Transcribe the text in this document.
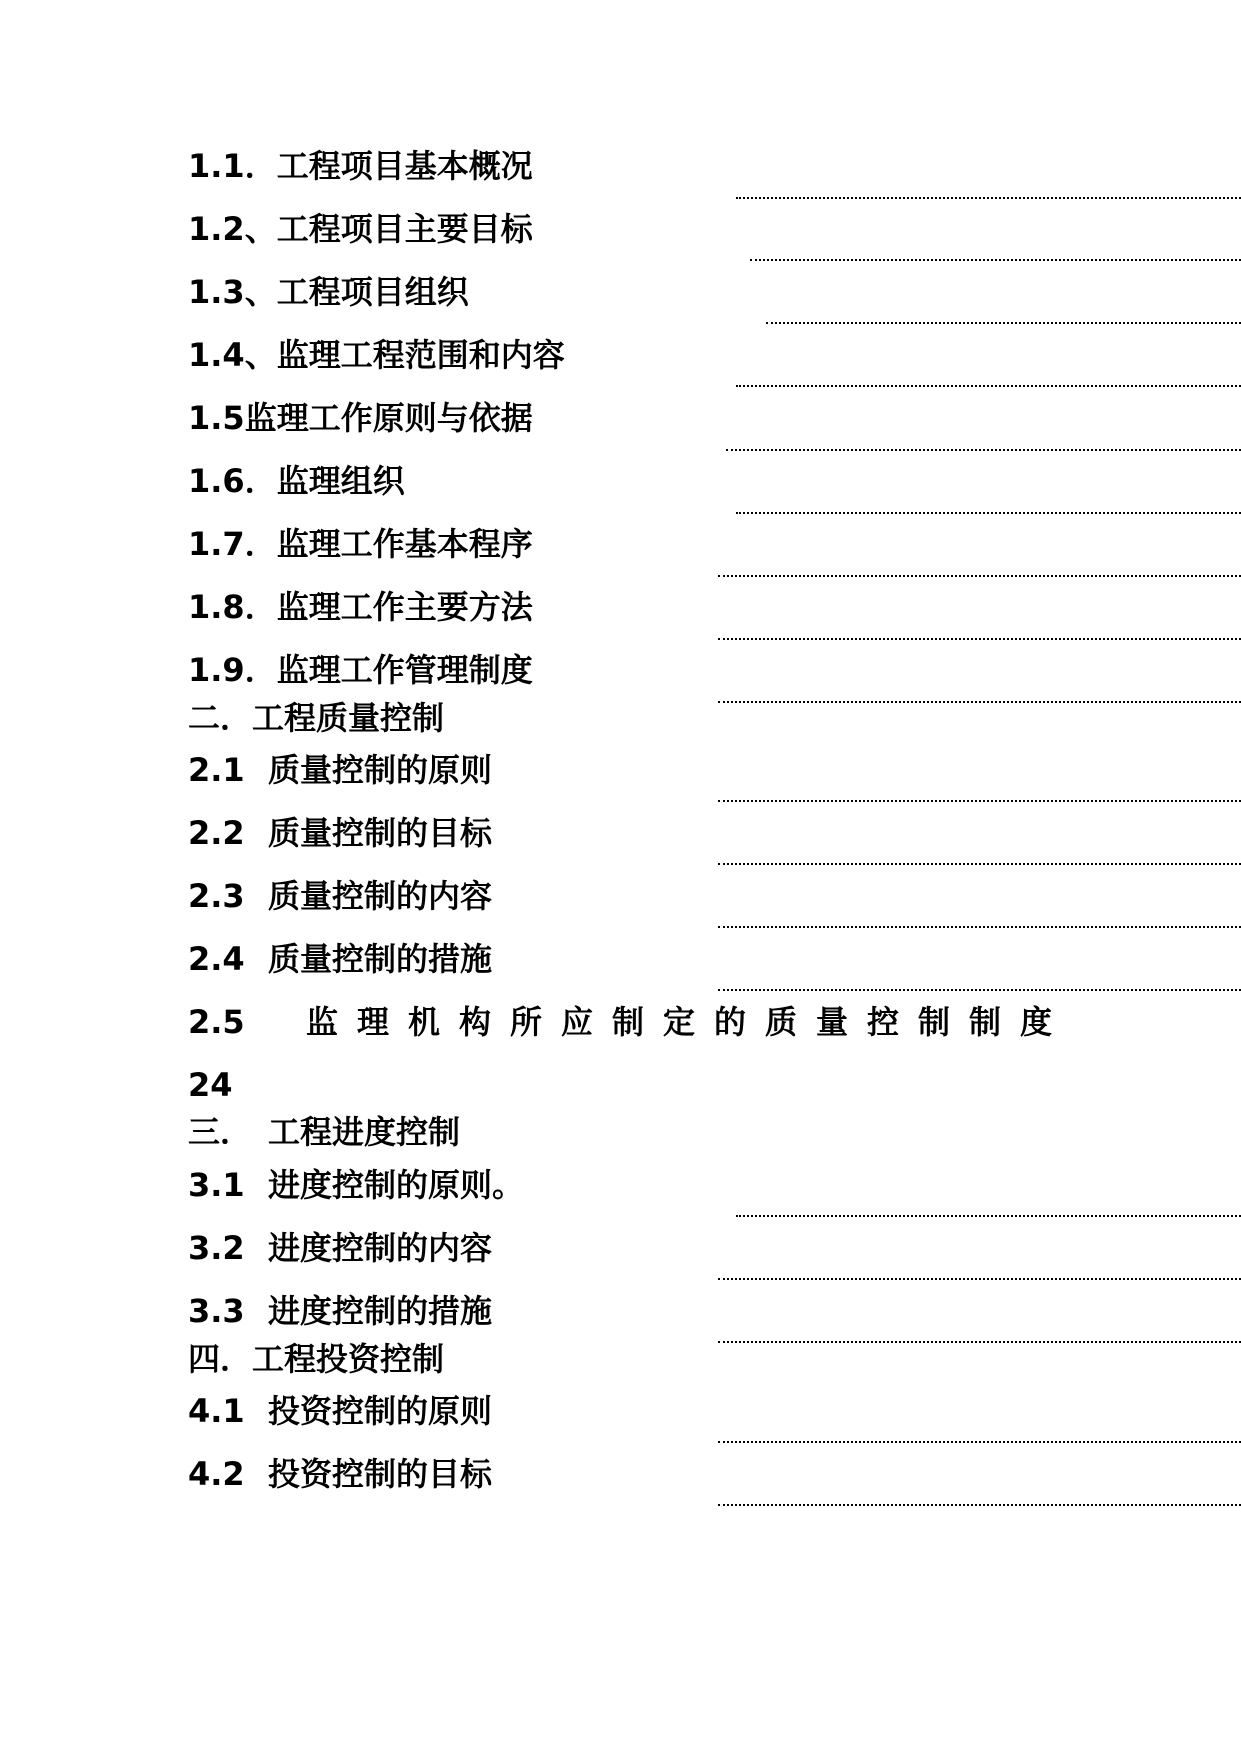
1.1．工程项目基本概况
1.2、工程项目主要目标
1.3、工程项目组织
1.4、监理工程范围和内容
1.5监理工作原则与依据
1.6．监理组织
1.7．监理工作基本程序
1.8．监理工作主要方法
1.9．监理工作管理制度
二．工程质量控制
2.1 质量控制的原则
2.2 质量控制的目标
2.3 质量控制的内容
2.4 质量控制的措施
2.5 监理机构所应制定的质量控制制度
24
三． 工程进度控制
3.1 进度控制的原则。
3.2 进度控制的内容
3.3 进度控制的措施
四．工程投资控制
4.1 投资控制的原则
4.2 投资控制的目标
